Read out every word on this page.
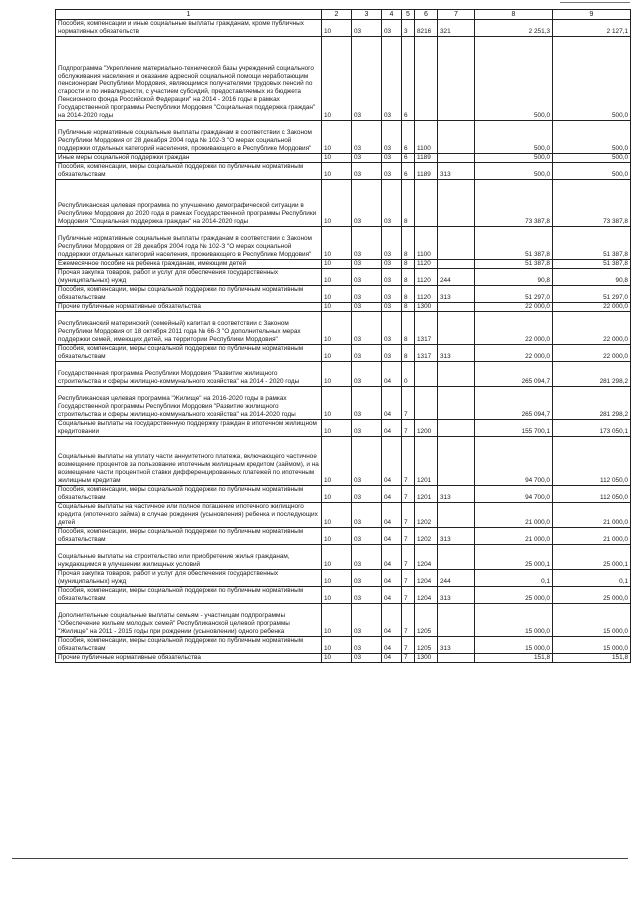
1	2	3	4	5	6	7	8	9
Пособия, компенсации и иные социальные выплаты гражданам, кроме публичных нормативных обязательств	10	03	03	3	8216	321	2 251,3	2 127,1
Подпрограмма "Укрепление материально-технической базы учреждений социального обслуживания населения и оказание адресной социальной помощи неработающим пенсионерам Республики Мордовия, являющимся получателями трудовых пенсий по старости и по инвалидности, с участием субсидий, предоставляемых из бюджета Пенсионного фонда Российской Федерации" на 2014 - 2016 годы в рамках Государственной программы Республики Мордовия "Социальная поддержка граждан" на 2014-2020 годы	10	03	03	6			500,0	500,0
Публичные нормативные социальные выплаты гражданам в соответствии с Законом Республики Мордовия от 28 декабря 2004 года № 102-З "О мерах социальной поддержки отдельных категорий населения, проживающего в Республике Мордовия"	10	03	03	6	1100		500,0	500,0
Иные меры социальной поддержки граждан	10	03	03	6	1189		500,0	500,0
Пособия, компенсации, меры социальной поддержки по публичным нормативным обязательствам	10	03	03	6	1189	313	500,0	500,0
Республиканская целевая программа по улучшению демографической ситуации в Республике Мордовия до 2020 года в рамках Государственной программы Республики Мордовия "Социальная поддержка граждан" на 2014-2020 годы	10	03	03	8			73 387,8	73 387,8
Публичные нормативные социальные выплаты гражданам в соответствии с Законом Республики Мордовия от 28 декабря 2004 года № 102-З "О мерах социальной поддержки отдельных категорий населения, проживающего в Республике Мордовия"	10	03	03	8	1100		51 387,8	51 387,8
Ежемесячное пособие на ребенка гражданам, имеющим детей	10	03	03	8	1120		51 387,8	51 387,8
Прочая закупка товаров, работ и услуг для обеспечения государственных (муниципальных) нужд	10	03	03	8	1120	244	90,8	90,8
Пособия, компенсации, меры социальной поддержки по публичным нормативным обязательствам	10	03	03	8	1120	313	51 297,0	51 297,0
Прочие публичные нормативные обязательства	10	03	03	8	1300		22 000,0	22 000,0
Республиканский материнский (семейный) капитал в соответствии с Законом Республики Мордовия от 18 октября 2011 года № 66-З "О дополнительных мерах поддержки семей, имеющих детей, на территории Республики Мордовия"	10	03	03	8	1317		22 000,0	22 000,0
Пособия, компенсации, меры социальной поддержки по публичным нормативным обязательствам	10	03	03	8	1317	313	22 000,0	22 000,0
Государственная программа Республики Мордовия "Развитие жилищного строительства и сферы жилищно-коммунального хозяйства" на 2014 - 2020 годы	10	03	04	0			265 094,7	281 298,2
Республиканская целевая программа "Жилище" на 2016-2020 годы в рамках Государственной программы Республики Мордовия "Развитие жилищного строительства и сферы жилищно-коммунального хозяйства" на 2014-2020 годы	10	03	04	7			265 094,7	281 298,2
Социальные выплаты на государственную поддержку граждан в ипотечном жилищном кредитовании	10	03	04	7	1200		155 700,1	173 050,1
Социальные выплаты на уплату части аннуитетного платежа, включающего частичное возмещение процентов за пользование ипотечным жилищным кредитом (займом), и на возмещение части процентной ставки дифференцированных платежей по ипотечным жилищным кредитам	10	03	04	7	1201		94 700,0	112 050,0
Пособия, компенсации, меры социальной поддержки по публичным нормативным обязательствам	10	03	04	7	1201	313	94 700,0	112 050,0
Социальные выплаты на частичное или полное погашение ипотечного жилищного кредита (ипотечного займа) в случае рождения (усыновления) ребенка и последующих детей	10	03	04	7	1202		21 000,0	21 000,0
Пособия, компенсации, меры социальной поддержки по публичным нормативным обязательствам	10	03	04	7	1202	313	21 000,0	21 000,0
Социальные выплаты на строительство или приобретение жилья гражданам, нуждающимся в улучшении жилищных условий	10	03	04	7	1204		25 000,1	25 000,1
Прочая закупка товаров, работ и услуг для обеспечения государственных (муниципальных) нужд	10	03	04	7	1204	244	0,1	0,1
Пособия, компенсации, меры социальной поддержки по публичным нормативным обязательствам	10	03	04	7	1204	313	25 000,0	25 000,0
Дополнительные социальные выплаты семьям - участницам подпрограммы "Обеспечение жильем молодых семей" Республиканской целевой программы "Жилище" на 2011 - 2015 годы при рождении (усыновлении) одного ребенка	10	03	04	7	1205		15 000,0	15 000,0
Пособия, компенсации, меры социальной поддержки по публичным нормативным обязательствам	10	03	04	7	1205	313	15 000,0	15 000,0
Прочие публичные нормативные обязательства	10	03	04	7	1300		151,8	151,8
